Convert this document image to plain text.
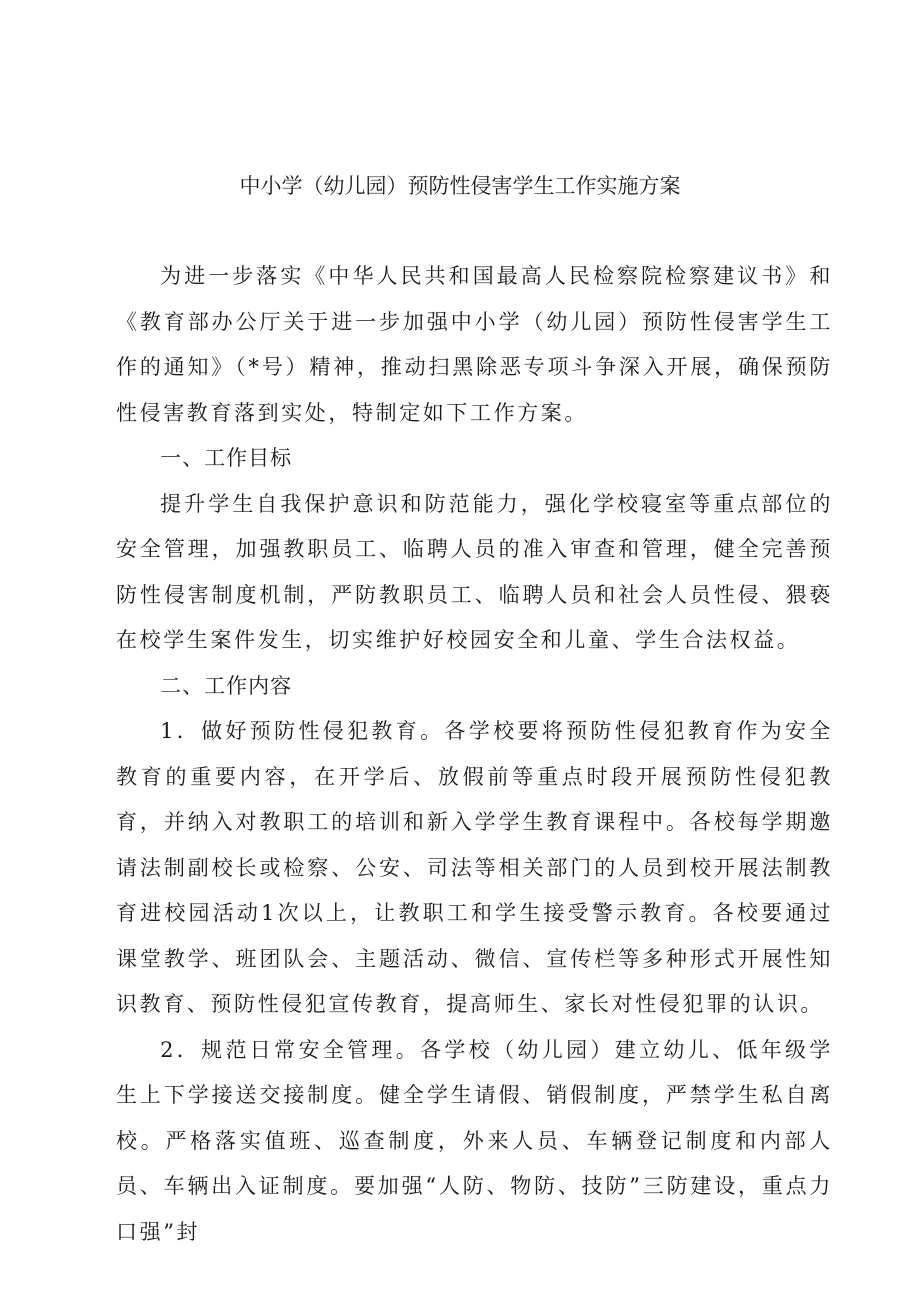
中小学（幼儿园）预防性侵害学生工作实施方案

为进一步落实《中华人民共和国最高人民检察院检察建议书》和《教育部办公厅关于进一步加强中小学（幼儿园）预防性侵害学生工作的通知》（*号）精神，推动扫黑除恶专项斗争深入开展，确保预防性侵害教育落到实处，特制定如下工作方案。

一、工作目标

提升学生自我保护意识和防范能力，强化学校寝室等重点部位的安全管理，加强教职员工、临聘人员的准入审查和管理，健全完善预防性侵害制度机制，严防教职员工、临聘人员和社会人员性侵、猥亵在校学生案件发生，切实维护好校园安全和儿童、学生合法权益。

二、工作内容

1．做好预防性侵犯教育。各学校要将预防性侵犯教育作为安全教育的重要内容，在开学后、放假前等重点时段开展预防性侵犯教育，并纳入对教职工的培训和新入学学生教育课程中。各校每学期邀请法制副校长或检察、公安、司法等相关部门的人员到校开展法制教育进校园活动1次以上，让教职工和学生接受警示教育。各校要通过课堂教学、班团队会、主题活动、微信、宣传栏等多种形式开展性知识教育、预防性侵犯宣传教育，提高师生、家长对性侵犯罪的认识。

2．规范日常安全管理。各学校（幼儿园）建立幼儿、低年级学生上下学接送交接制度。健全学生请假、销假制度，严禁学生私自离校。严格落实值班、巡查制度，外来人员、车辆登记制度和内部人员、车辆出入证制度。要加强“人防、物防、技防”三防建设，重点力口强”封
